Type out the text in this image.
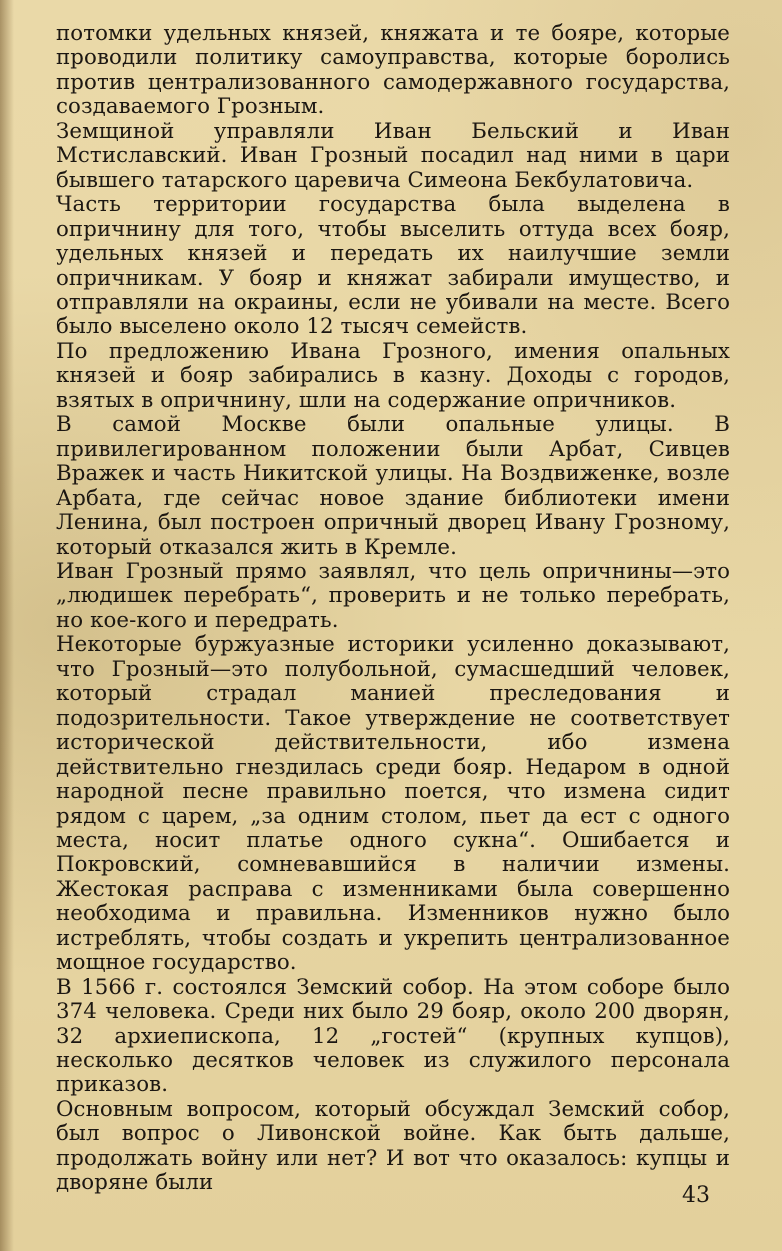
потомки удельных князей, княжата и те бояре, которые проводили политику самоуправства, которые боролись против централизованного самодержавного государства, создаваемого Грозным.

Земщиной управляли Иван Бельский и Иван Мстиславский. Иван Грозный посадил над ними в цари бывшего татарского царевича Симеона Бекбулатовича.

Часть территории государства была выделена в опричнину для того, чтобы выселить оттуда всех бояр, удельных князей и передать их наилучшие земли опричникам. У бояр и княжат забирали имущество, и отправляли на окраины, если не убивали на месте. Всего было выселено около 12 тысяч семейств.

По предложению Ивана Грозного, имения опальных князей и бояр забирались в казну. Доходы с городов, взятых в опричнину, шли на содержание опричников.

В самой Москве были опальные улицы. В привилегированном положении были Арбат, Сивцев Вражек и часть Никитской улицы. На Воздвиженке, возле Арбата, где сейчас новое здание библиотеки имени Ленина, был построен опричный дворец Ивану Грозному, который отказался жить в Кремле.

Иван Грозный прямо заявлял, что цель опричнины—это „людишек перебрать“, проверить и не только перебрать, но кое-кого и передрать.

Некоторые буржуазные историки усиленно доказывают, что Грозный—это полубольной, сумасшедший человек, который страдал манией преследования и подозрительности. Такое утверждение не соответствует исторической действительности, ибо измена действительно гнездилась среди бояр. Недаром в одной народной песне правильно поется, что измена сидит рядом с царем, „за одним столом, пьет да ест с одного места, носит платье одного сукна“. Ошибается и Покровский, сомневавшийся в наличии измены. Жестокая расправа с изменниками была совершенно необходима и правильна. Изменников нужно было истреблять, чтобы создать и укрепить централизованное мощное государство.

В 1566 г. состоялся Земский собор. На этом соборе было 374 человека. Среди них было 29 бояр, около 200 дворян, 32 архиепископа, 12 „гостей“ (крупных купцов), несколько десятков человек из служилого персонала приказов.

Основным вопросом, который обсуждал Земский собор, был вопрос о Ливонской войне. Как быть дальше, продолжать войну или нет? И вот что оказалось: купцы и дворяне были

43
